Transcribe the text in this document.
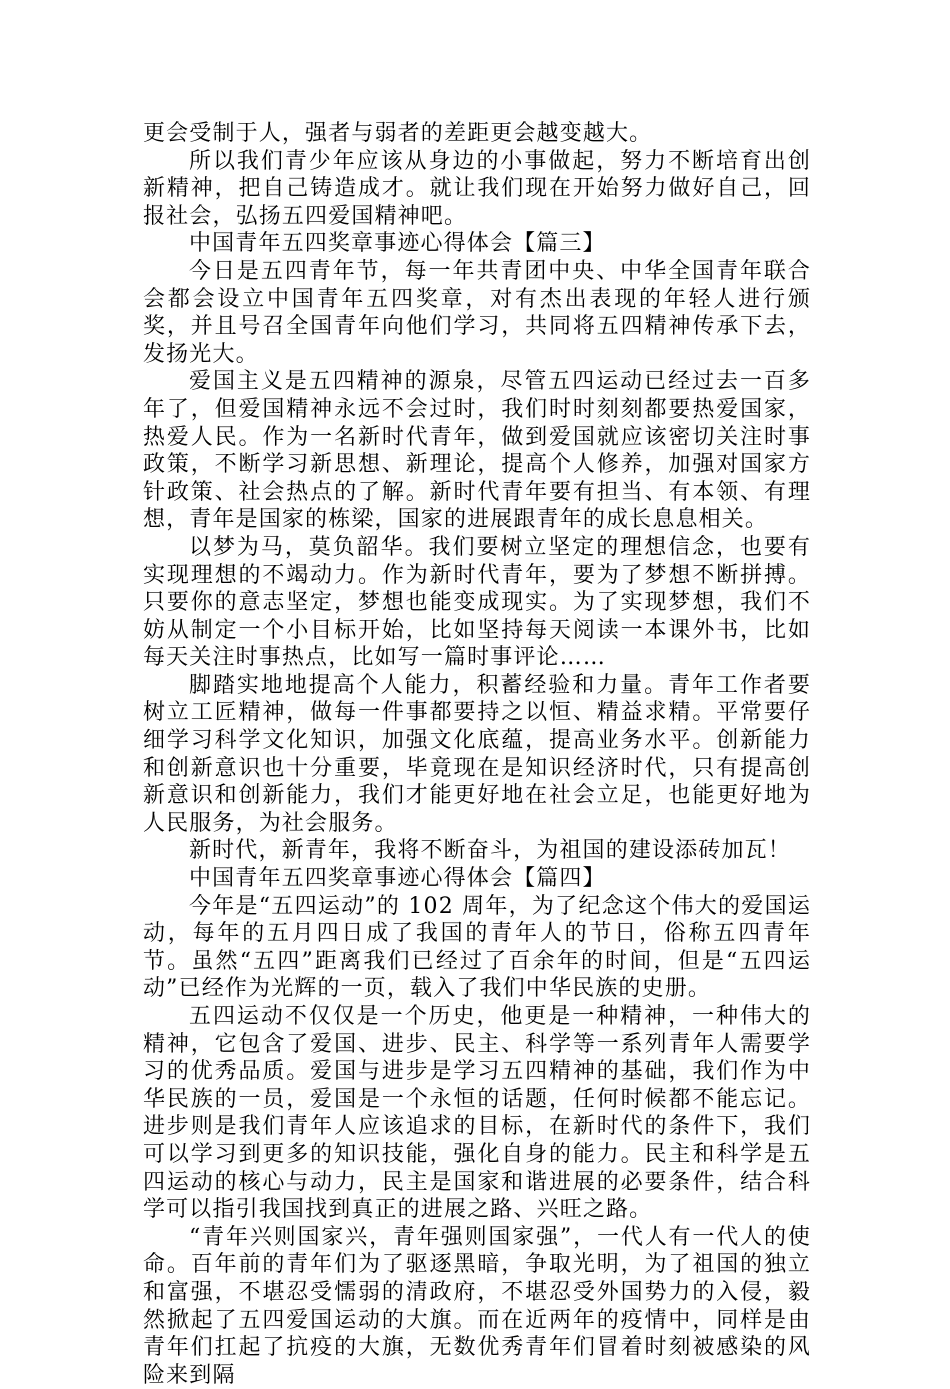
更会受制于人，强者与弱者的差距更会越变越大。

所以我们青少年应该从身边的小事做起，努力不断培育出创新精神，把自己铸造成才。就让我们现在开始努力做好自己，回报社会，弘扬五四爱国精神吧。

中国青年五四奖章事迹心得体会【篇三】

今日是五四青年节，每一年共青团中央、中华全国青年联合会都会设立中国青年五四奖章，对有杰出表现的年轻人进行颁奖，并且号召全国青年向他们学习，共同将五四精神传承下去，发扬光大。

爱国主义是五四精神的源泉，尽管五四运动已经过去一百多年了，但爱国精神永远不会过时，我们时时刻刻都要热爱国家，热爱人民。作为一名新时代青年，做到爱国就应该密切关注时事政策，不断学习新思想、新理论，提高个人修养，加强对国家方针政策、社会热点的了解。新时代青年要有担当、有本领、有理想，青年是国家的栋梁，国家的进展跟青年的成长息息相关。

以梦为马，莫负韶华。我们要树立坚定的理想信念，也要有实现理想的不竭动力。作为新时代青年，要为了梦想不断拼搏。只要你的意志坚定，梦想也能变成现实。为了实现梦想，我们不妨从制定一个小目标开始，比如坚持每天阅读一本课外书，比如每天关注时事热点，比如写一篇时事评论……

脚踏实地地提高个人能力，积蓄经验和力量。青年工作者要树立工匠精神，做每一件事都要持之以恒、精益求精。平常要仔细学习科学文化知识，加强文化底蕴，提高业务水平。创新能力和创新意识也十分重要，毕竟现在是知识经济时代，只有提高创新意识和创新能力，我们才能更好地在社会立足，也能更好地为人民服务，为社会服务。

新时代，新青年，我将不断奋斗，为祖国的建设添砖加瓦！

中国青年五四奖章事迹心得体会【篇四】

今年是“五四运动”的 102 周年，为了纪念这个伟大的爱国运动，每年的五月四日成了我国的青年人的节日，俗称五四青年节。虽然“五四”距离我们已经过了百余年的时间，但是“五四运动”已经作为光辉的一页，载入了我们中华民族的史册。

五四运动不仅仅是一个历史，他更是一种精神，一种伟大的精神，它包含了爱国、进步、民主、科学等一系列青年人需要学习的优秀品质。爱国与进步是学习五四精神的基础，我们作为中华民族的一员，爱国是一个永恒的话题，任何时候都不能忘记。进步则是我们青年人应该追求的目标，在新时代的条件下，我们可以学习到更多的知识技能，强化自身的能力。民主和科学是五四运动的核心与动力，民主是国家和谐进展的必要条件，结合科学可以指引我国找到真正的进展之路、兴旺之路。

“青年兴则国家兴，青年强则国家强”，一代人有一代人的使命。百年前的青年们为了驱逐黑暗，争取光明，为了祖国的独立和富强，不堪忍受懦弱的清政府，不堪忍受外国势力的入侵，毅然掀起了五四爱国运动的大旗。而在近两年的疫情中，同样是由青年们扛起了抗疫的大旗，无数优秀青年们冒着时刻被感染的风险来到隔
